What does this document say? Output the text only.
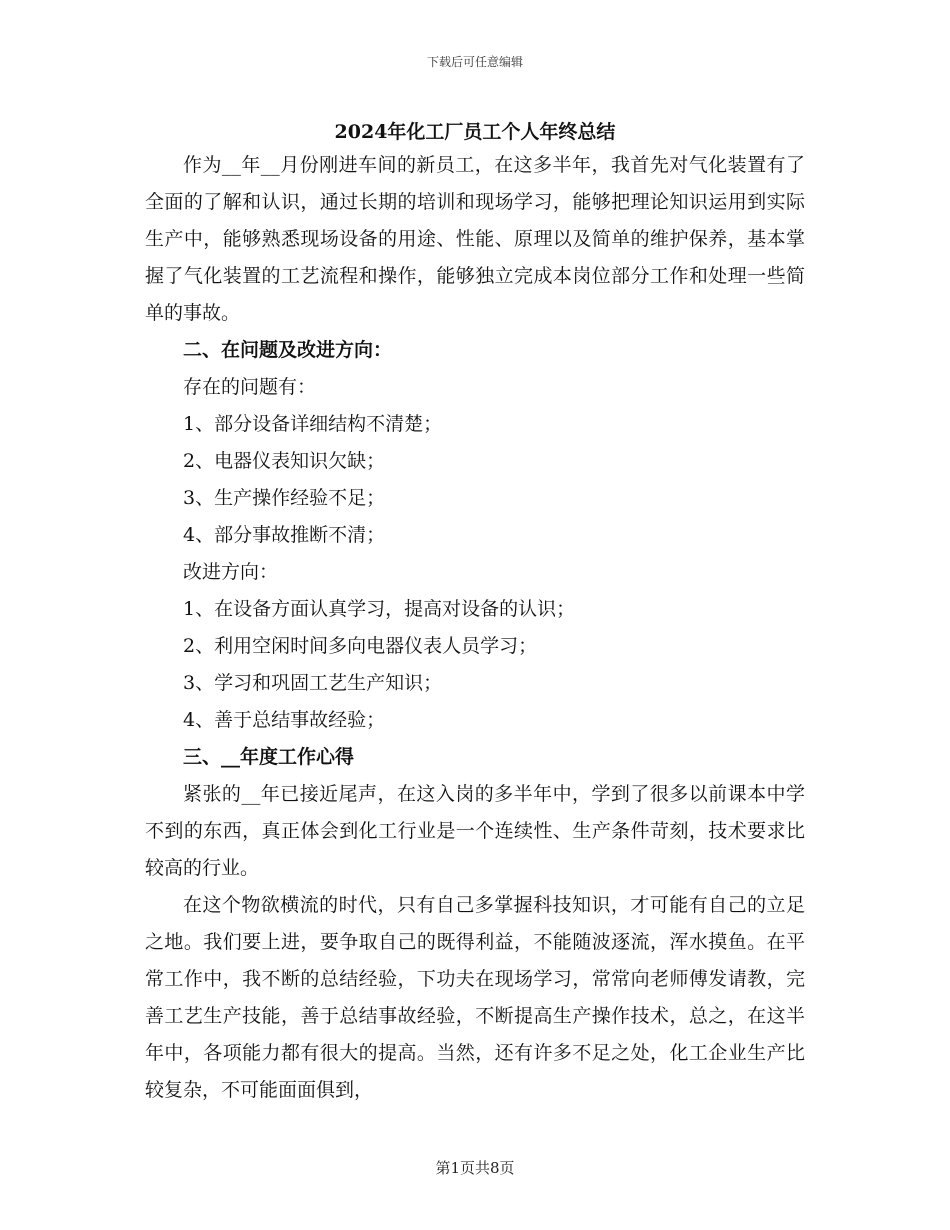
下载后可任意编辑
2024年化工厂员工个人年终总结

作为__年__月份刚进车间的新员工，在这多半年，我首先对气化装置有了全面的了解和认识，通过长期的培训和现场学习，能够把理论知识运用到实际生产中，能够熟悉现场设备的用途、性能、原理以及简单的维护保养，基本掌握了气化装置的工艺流程和操作，能够独立完成本岗位部分工作和处理一些简单的事故。

二、在问题及改进方向：

存在的问题有：

1、部分设备详细结构不清楚；

2、电器仪表知识欠缺；

3、生产操作经验不足；

4、部分事故推断不清；

改进方向：

1、在设备方面认真学习，提高对设备的认识；

2、利用空闲时间多向电器仪表人员学习；

3、学习和巩固工艺生产知识；

4、善于总结事故经验；

三、__年度工作心得

紧张的__年已接近尾声，在这入岗的多半年中，学到了很多以前课本中学不到的东西，真正体会到化工行业是一个连续性、生产条件苛刻，技术要求比较高的行业。

在这个物欲横流的时代，只有自己多掌握科技知识，才可能有自己的立足之地。我们要上进，要争取自己的既得利益，不能随波逐流，浑水摸鱼。在平常工作中，我不断的总结经验，下功夫在现场学习，常常向老师傅发请教，完善工艺生产技能，善于总结事故经验，不断提高生产操作技术，总之，在这半年中，各项能力都有很大的提高。当然，还有许多不足之处，化工企业生产比较复杂，不可能面面俱到，

第1页共8页
